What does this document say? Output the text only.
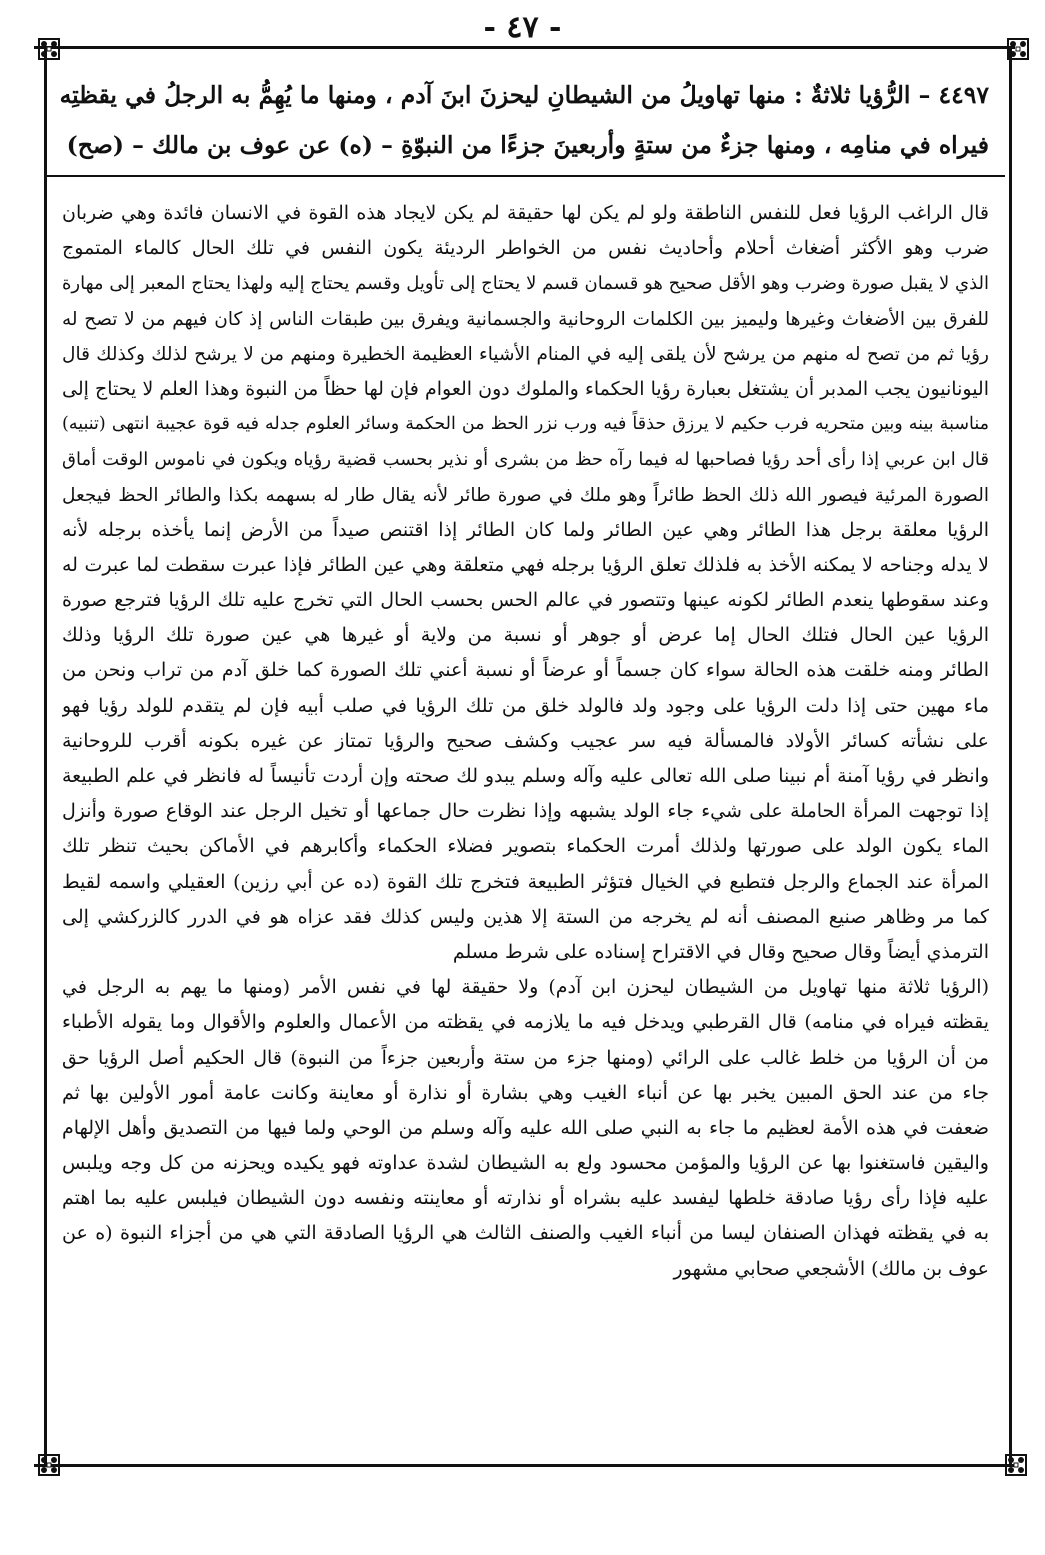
- ٤٧ -
٤٤٩٧ – الرُّؤيا ثلاثةٌ : منها تهاويلُ من الشيطانِ ليحزنَ ابنَ آدم ، ومنها ما يُهِمُّ به الرجلُ في يقظتِه
فيراه في منامِه ، ومنها جزءٌ من ستةٍ وأربعينَ جزءًا من النبوّةِ – (ه) عن عوف بن مالك – (صح)
قال الراغب الرؤيا فعل للنفس الناطقة ولو لم يكن لها حقيقة لم يكن لايجاد هذه القوة في الانسان فائدة وهي ضربان
ضرب وهو الأكثر أضغاث أحلام وأحاديث نفس من الخواطر الرديئة يكون النفس في تلك الحال كالماء المتموج
الذي لا يقبل صورة وضرب وهو الأقل صحيح هو قسمان قسم لا يحتاج إلى تأويل وقسم يحتاج إليه ولهذا يحتاج المعبر إلى مهارة
للفرق بين الأضغاث وغيرها وليميز بين الكلمات الروحانية والجسمانية ويفرق بين طبقات الناس إذ كان فيهم من لا تصح له
رؤيا ثم من تصح له منهم من يرشح لأن يلقى إليه في المنام الأشياء العظيمة الخطيرة ومنهم من لا يرشح لذلك وكذلك قال
اليونانيون يجب المدبر أن يشتغل بعبارة رؤيا الحكماء والملوك دون العوام فإن لها حظاً من النبوة وهذا العلم لا يحتاج إلى
مناسبة بينه وبين متحريه فرب حكيم لا يرزق حذقاً فيه ورب نزر الحظ من الحكمة وسائر العلوم جدله فيه قوة عجيبة انتهى (تنبيه)
قال ابن عربي إذا رأى أحد رؤيا فصاحبها له فيما رآه حظ من بشرى أو نذير بحسب قضية رؤياه ويكون في ناموس الوقت أماق
الصورة المرئية فيصور الله ذلك الحظ طائراً وهو ملك في صورة طائر لأنه يقال طار له بسهمه بكذا والطائر الحظ فيجعل
الرؤيا معلقة برجل هذا الطائر وهي عين الطائر ولما كان الطائر إذا اقتنص صيداً من الأرض إنما يأخذه برجله لأنه
لا يدله وجناحه لا يمكنه الأخذ به فلذلك تعلق الرؤيا برجله فهي متعلقة وهي عين الطائر فإذا عبرت سقطت لما عبرت له
وعند سقوطها ينعدم الطائر لكونه عينها وتتصور في عالم الحس بحسب الحال التي تخرج عليه تلك الرؤيا فترجع صورة
الرؤيا عين الحال فتلك الحال إما عرض أو جوهر أو نسبة من ولاية أو غيرها هي عين صورة تلك الرؤيا وذلك
الطائر ومنه خلقت هذه الحالة سواء كان جسماً أو عرضاً أو نسبة أعني تلك الصورة كما خلق آدم من تراب ونحن من
ماء مهين حتى إذا دلت الرؤيا على وجود ولد فالولد خلق من تلك الرؤيا في صلب أبيه فإن لم يتقدم للولد رؤيا فهو
على نشأته كسائر الأولاد فالمسألة فيه سر عجيب وكشف صحيح والرؤيا تمتاز عن غيره بكونه أقرب للروحانية
وانظر في رؤيا آمنة أم نبينا صلى الله تعالى عليه وآله وسلم يبدو لك صحته وإن أردت تأنيساً له فانظر في علم الطبيعة
إذا توجهت المرأة الحاملة على شيء جاء الولد يشبهه وإذا نظرت حال جماعها أو تخيل الرجل عند الوقاع صورة وأنزل
الماء يكون الولد على صورتها ولذلك أمرت الحكماء بتصوير فضلاء الحكماء وأكابرهم في الأماكن بحيث تنظر تلك
المرأة عند الجماع والرجل فتطبع في الخيال فتؤثر الطبيعة فتخرج تلك القوة (ده عن أبي رزين) العقيلي واسمه لقيط
كما مر وظاهر صنيع المصنف أنه لم يخرجه من الستة إلا هذين وليس كذلك فقد عزاه هو في الدرر كالزركشي إلى
الترمذي أيضاً وقال صحيح وقال في الاقتراح إسناده على شرط مسلم
(الرؤيا ثلاثة منها تهاويل من الشيطان ليحزن ابن آدم) ولا حقيقة لها في نفس الأمر (ومنها ما يهم به الرجل في
يقظته فيراه في منامه) قال القرطبي ويدخل فيه ما يلازمه في يقظته من الأعمال والعلوم والأقوال وما يقوله الأطباء
من أن الرؤيا من خلط غالب على الرائي (ومنها جزء من ستة وأربعين جزءاً من النبوة) قال الحكيم أصل الرؤيا حق
جاء من عند الحق المبين يخبر بها عن أنباء الغيب وهي بشارة أو نذارة أو معاينة وكانت عامة أمور الأولين بها ثم
ضعفت في هذه الأمة لعظيم ما جاء به النبي صلى الله عليه وآله وسلم من الوحي ولما فيها من التصديق وأهل الإلهام
واليقين فاستغنوا بها عن الرؤيا والمؤمن محسود ولع به الشيطان لشدة عداوته فهو يكيده ويحزنه من كل وجه ويلبس
عليه فإذا رأى رؤيا صادقة خلطها ليفسد عليه بشراه أو نذارته أو معاينته ونفسه دون الشيطان فيلبس عليه بما اهتم
به في يقظته فهذان الصنفان ليسا من أنباء الغيب والصنف الثالث هي الرؤيا الصادقة التي هي من أجزاء النبوة (ه عن
عوف بن مالك) الأشجعي صحابي مشهور
